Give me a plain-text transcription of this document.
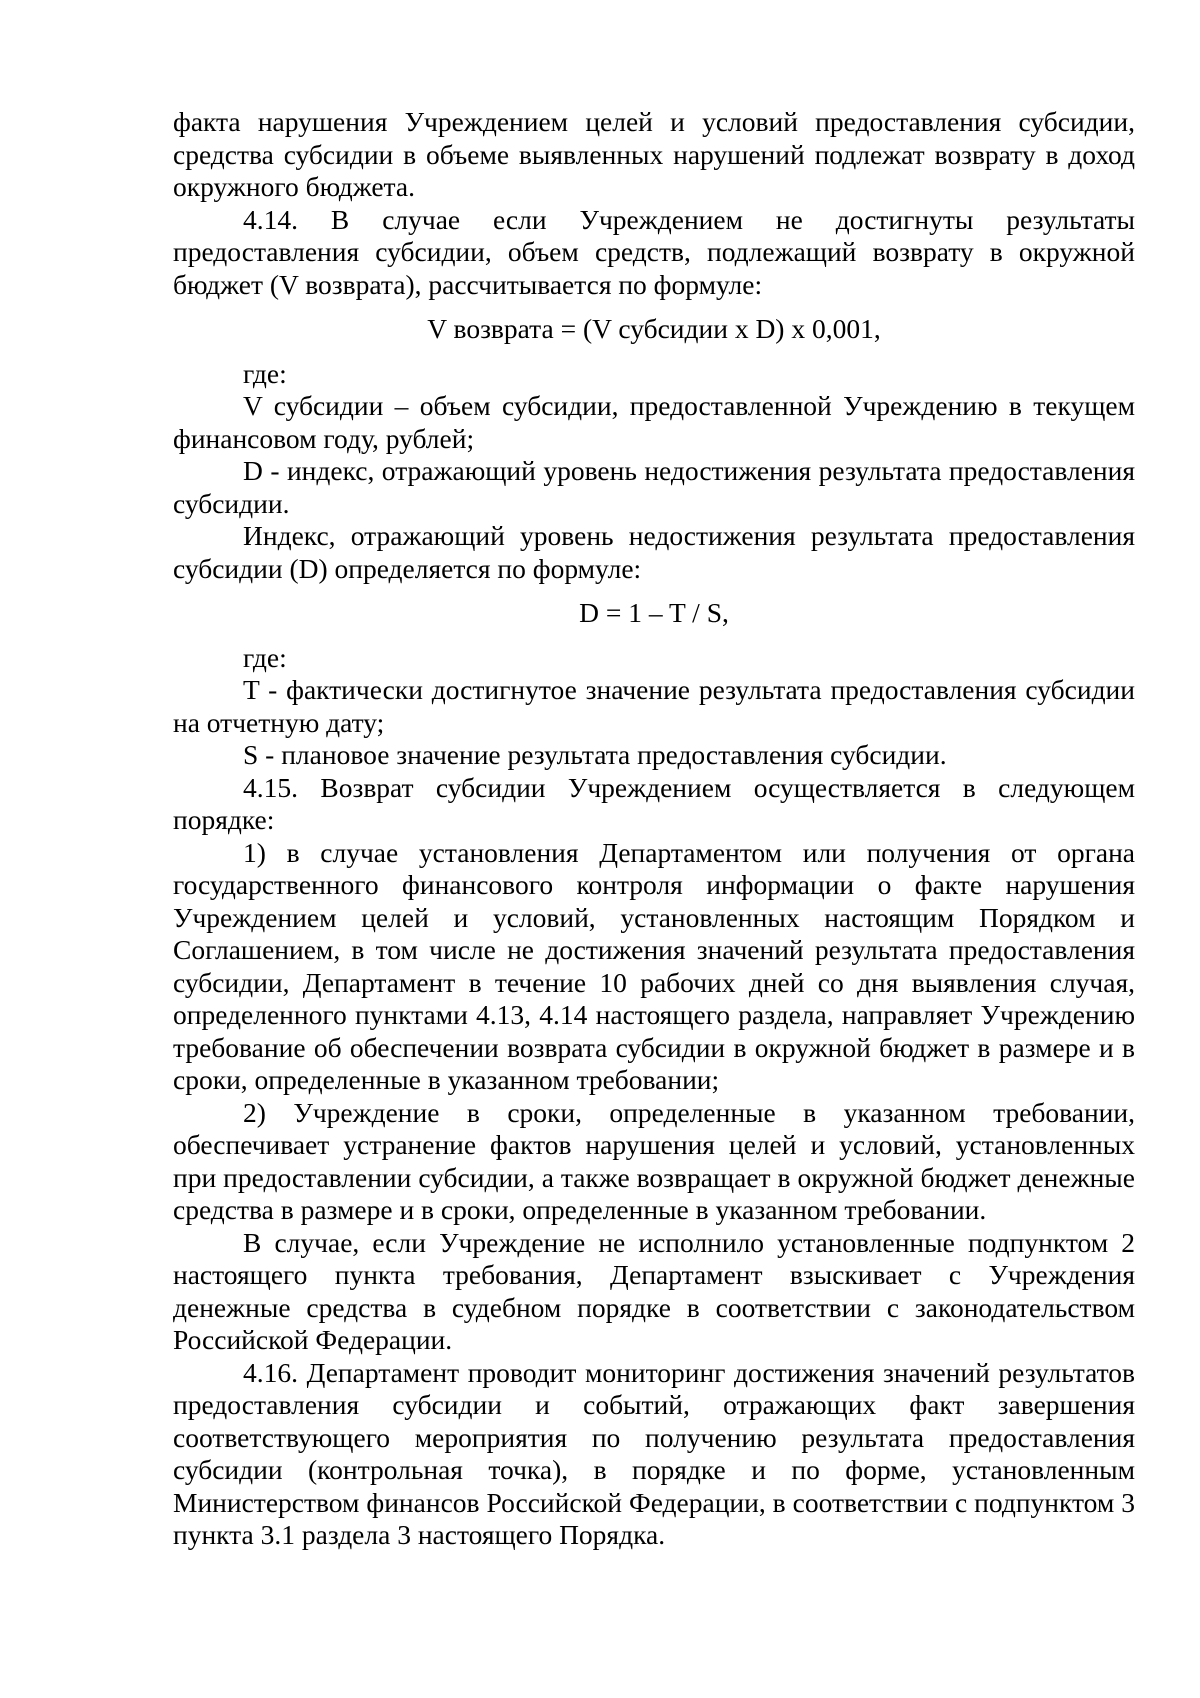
факта нарушения Учреждением целей и условий предоставления субсидии, средства субсидии в объеме выявленных нарушений подлежат возврату в доход окружного бюджета.

4.14. В случае если Учреждением не достигнуты результаты предоставления субсидии, объем средств, подлежащий возврату в окружной бюджет (V возврата), рассчитывается по формуле:

V возврата = (V субсидии x D) x 0,001,

где:

V субсидии – объем субсидии, предоставленной Учреждению в текущем финансовом году, рублей;

D - индекс, отражающий уровень недостижения результата предоставления субсидии.

Индекс, отражающий уровень недостижения результата предоставления субсидии (D) определяется по формуле:

D = 1 – T / S,

где:

T - фактически достигнутое значение результата предоставления субсидии на отчетную дату;

S - плановое значение результата предоставления субсидии.

4.15. Возврат субсидии Учреждением осуществляется в следующем порядке:

1) в случае установления Департаментом или получения от органа государственного финансового контроля информации о факте нарушения Учреждением целей и условий, установленных настоящим Порядком и Соглашением, в том числе не достижения значений результата предоставления субсидии, Департамент в течение 10 рабочих дней со дня выявления случая, определенного пунктами 4.13, 4.14 настоящего раздела, направляет Учреждению требование об обеспечении возврата субсидии в окружной бюджет в размере и в сроки, определенные в указанном требовании;

2) Учреждение в сроки, определенные в указанном требовании, обеспечивает устранение фактов нарушения целей и условий, установленных при предоставлении субсидии, а также возвращает в окружной бюджет денежные средства в размере и в сроки, определенные в указанном требовании.

В случае, если Учреждение не исполнило установленные подпунктом 2 настоящего пункта требования, Департамент взыскивает с Учреждения денежные средства в судебном порядке в соответствии с законодательством Российской Федерации.

4.16. Департамент проводит мониторинг достижения значений результатов предоставления субсидии и событий, отражающих факт завершения соответствующего мероприятия по получению результата предоставления субсидии (контрольная точка), в порядке и по форме, установленным Министерством финансов Российской Федерации, в соответствии с подпунктом 3 пункта 3.1 раздела 3 настоящего Порядка.
